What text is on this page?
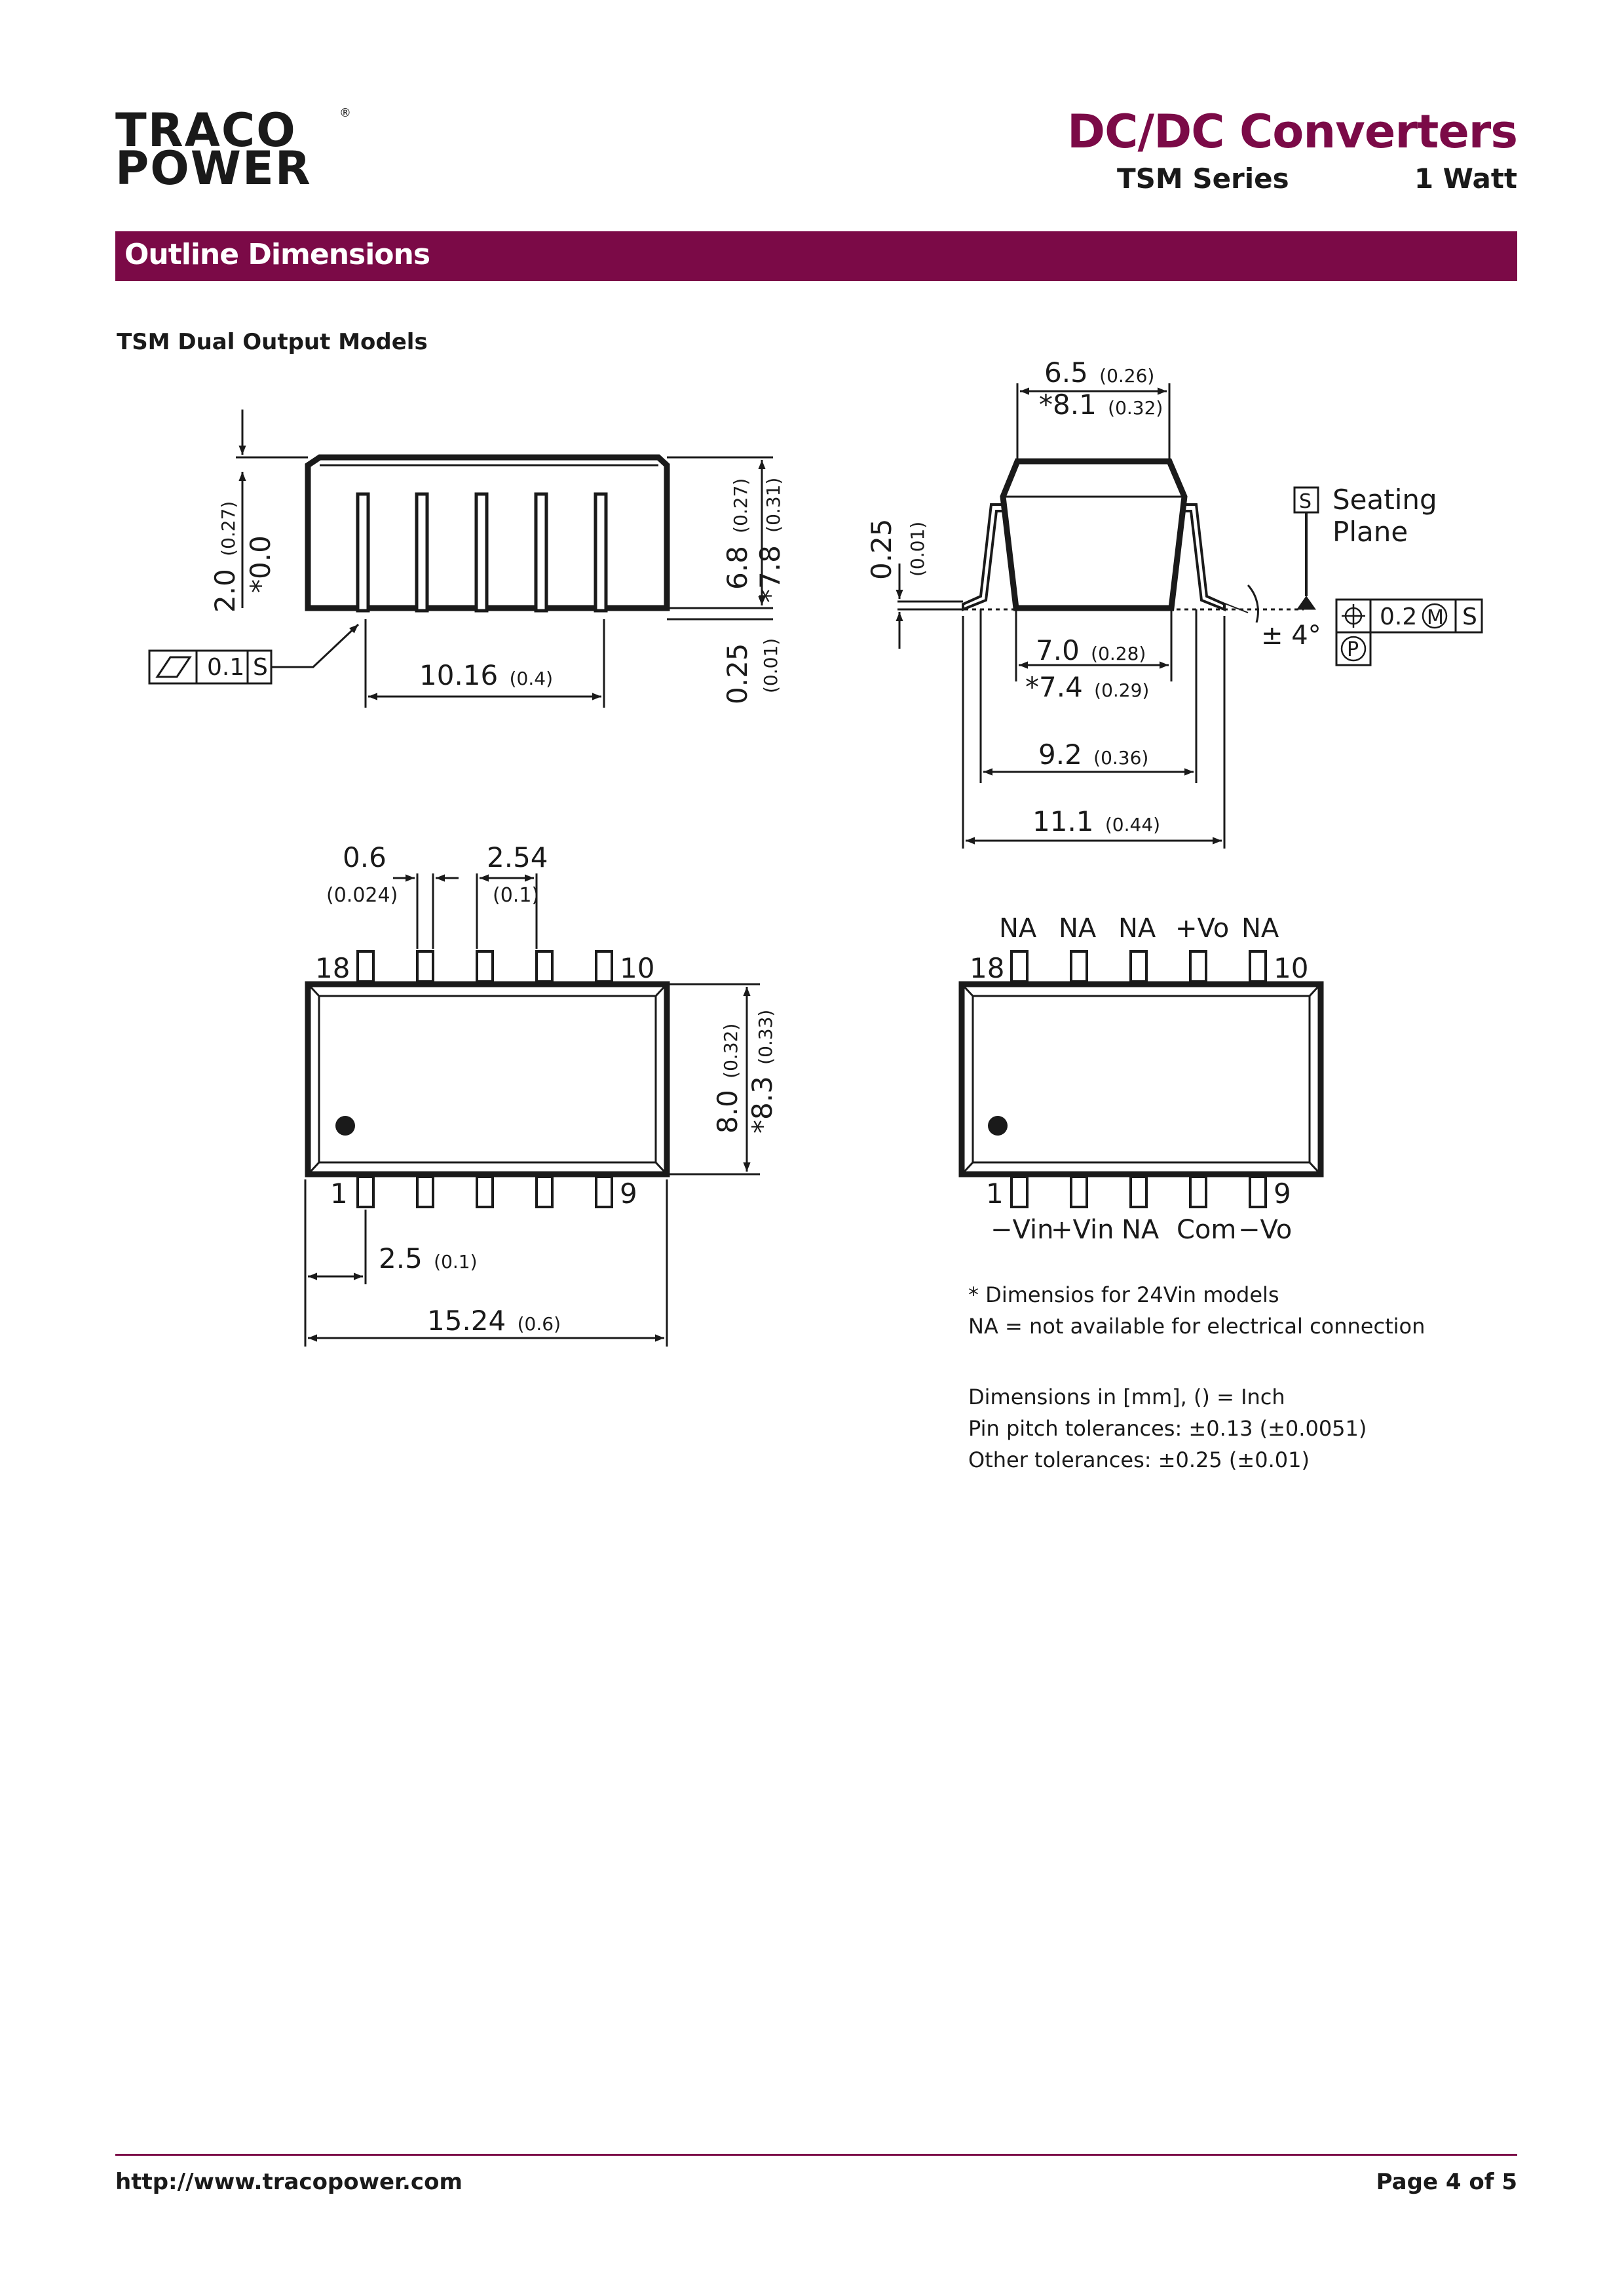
TRACO
POWER
®	DC/DC Converters
TSM Series	1 Watt
Outline Dimensions
TSM Dual Output Models
2.0 (0.27)
*0.0	6.8 (0.27)
*7.8 (0.31)
0.25 (0.01)
0.1 S	10.16 (0.4)
6.5 (0.26)
*8.1 (0.32)
0.25 (0.01)
S Seating
Plane
± 4°
0.2 M S
P
7.0 (0.28)
*7.4 (0.29)
9.2 (0.36)
11.1 (0.44)
0.6
(0.024)
2.54
(0.1)
18	10
1	9
8.0 (0.32)
*8.3 (0.33)
2.5 (0.1)
15.24 (0.6)
NA NA NA +Vo NA
18	10
1	9
−Vin
+Vin NA Com −Vo
* Dimensios for 24Vin models
NA = not available for electrical connection
Dimensions in [mm], () = Inch
Pin pitch tolerances: ±0.13 (±0.0051)
Other tolerances: ±0.25 (±0.01)
http://www.tracopower.com	Page 4 of 5
